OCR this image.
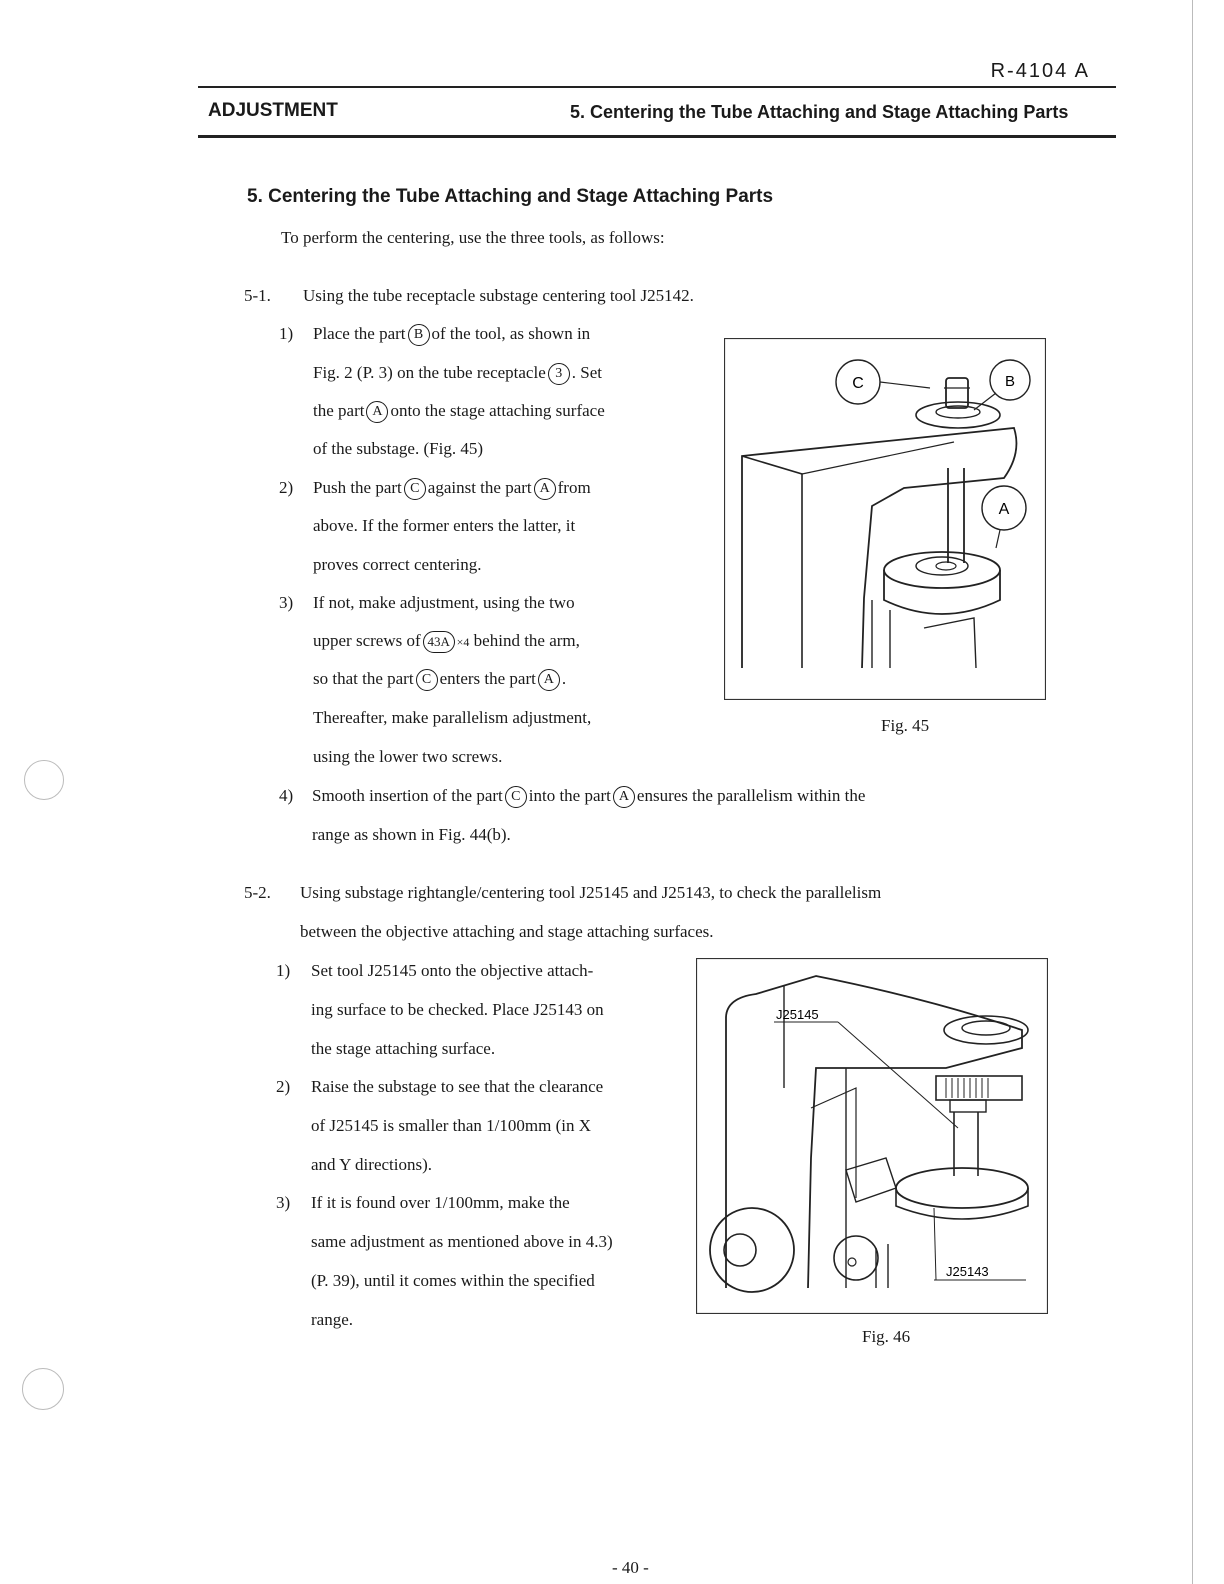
R-4104 A
ADJUSTMENT	5. Centering the Tube Attaching and Stage Attaching Parts
5. Centering the Tube Attaching and Stage Attaching Parts
To perform the centering, use the three tools, as follows:
5-1. Using the tube receptacle substage centering tool J25142.
1) Place the part B of the tool, as shown in
Fig. 2 (P. 3) on the tube receptacle 3 . Set
the part A onto the stage attaching surface
of the substage. (Fig. 45)
2) Push the part C against the part A from
above. If the former enters the latter, it
proves correct centering.
3) If not, make adjustment, using the two
upper screws of 43A ×4 behind the arm,
so that the part C enters the part A .
Thereafter, make parallelism adjustment,
using the lower two screws.
4) Smooth insertion of the part C into the part A ensures the parallelism within the
range as shown in Fig. 44(b).
C	B
A
Fig. 45
5-2. Using substage rightangle/centering tool J25145 and J25143, to check the parallelism
between the objective attaching and stage attaching surfaces.
1) Set tool J25145 onto the objective attach-
ing surface to be checked. Place J25143 on
the stage attaching surface.
2) Raise the substage to see that the clearance
of J25145 is smaller than 1/100mm (in X
and Y directions).
3) If it is found over 1/100mm, make the
same adjustment as mentioned above in 4.3)
(P. 39), until it comes within the specified
range.
J25145
J25143
Fig. 46
- 40 -
